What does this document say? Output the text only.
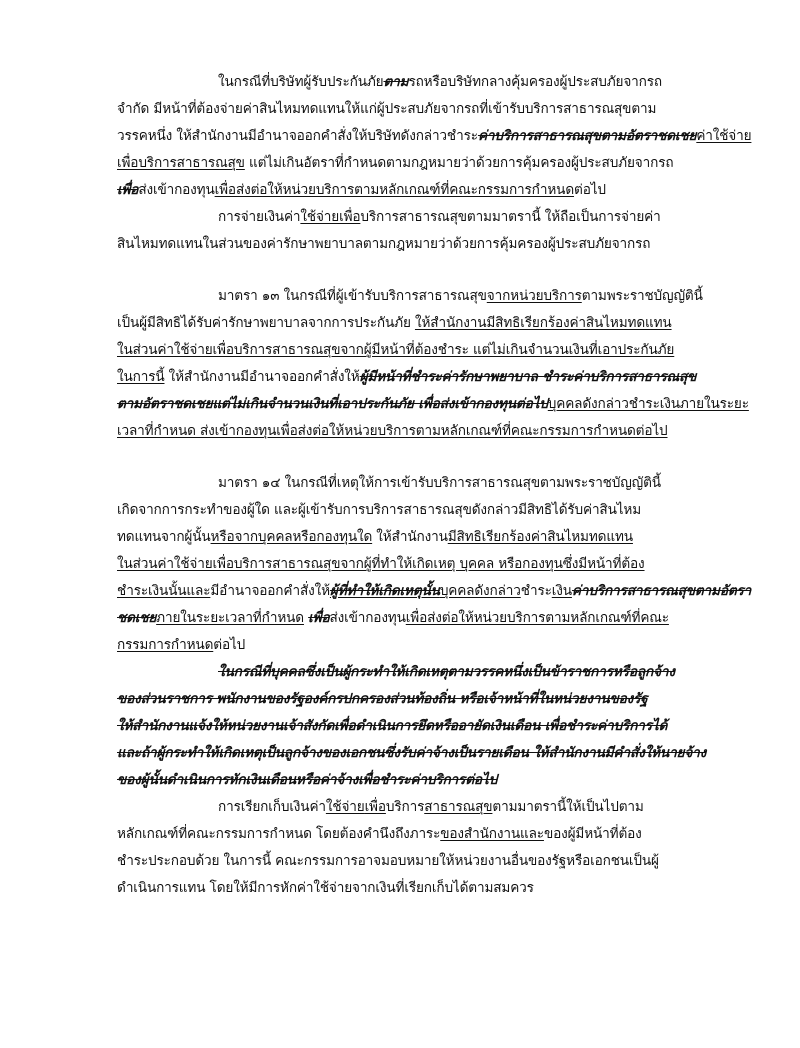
ในกรณีที่บริษัทผู้รับประกันภัยตามรถหรือบริษัทกลางคุ้มครองผู้ประสบภัยจากรถ
จำกัด มีหน้าที่ต้องจ่ายค่าสินไหมทดแทนให้แก่ผู้ประสบภัยจากรถที่เข้ารับบริการสาธารณสุขตาม
วรรคหนึ่ง ให้สำนักงานมีอำนาจออกคำสั่งให้บริษัทดังกล่าวชำระค่าบริการสาธารณสุขตามอัตราชดเชยค่าใช้จ่าย
เพื่อบริการสาธารณสุข แต่ไม่เกินอัตราที่กำหนดตามกฎหมายว่าด้วยการคุ้มครองผู้ประสบภัยจากรถ
เพื่อส่งเข้ากองทุนเพื่อส่งต่อให้หน่วยบริการตามหลักเกณฑ์ที่คณะกรรมการกำหนดต่อไป
การจ่ายเงินค่าใช้จ่ายเพื่อบริการสาธารณสุขตามมาตรานี้ ให้ถือเป็นการจ่ายค่า
สินไหมทดแทนในส่วนของค่ารักษาพยาบาลตามกฎหมายว่าด้วยการคุ้มครองผู้ประสบภัยจากรถ
มาตรา ๑๓ ในกรณีที่ผู้เข้ารับบริการสาธารณสุขจากหน่วยบริการตามพระราชบัญญัตินี้
เป็นผู้มีสิทธิได้รับค่ารักษาพยาบาลจากการประกันภัย ให้สำนักงานมีสิทธิเรียกร้องค่าสินไหมทดแทน
ในส่วนค่าใช้จ่ายเพื่อบริการสาธารณสุขจากผู้มีหน้าที่ต้องชำระ แต่ไม่เกินจำนวนเงินที่เอาประกันภัย
ในการนี้ ให้สำนักงานมีอำนาจออกคำสั่งให้ผู้มีหน้าที่ชำระค่ารักษาพยาบาล ชำระค่าบริการสาธารณสุข
ตามอัตราชดเชยแต่ไม่เกินจำนวนเงินที่เอาประกันภัย เพื่อส่งเข้ากองทุนต่อไปบุคคลดังกล่าวชำระเงินภายในระยะ
เวลาที่กำหนด ส่งเข้ากองทุนเพื่อส่งต่อให้หน่วยบริการตามหลักเกณฑ์ที่คณะกรรมการกำหนดต่อไป
มาตรา ๑๔ ในกรณีที่เหตุให้การเข้ารับบริการสาธารณสุขตามพระราชบัญญัตินี้
เกิดจากการกระทำของผู้ใด และผู้เข้ารับการบริการสาธารณสุขดังกล่าวมีสิทธิได้รับค่าสินไหม
ทดแทนจากผู้นั้นหรือจากบุคคลหรือกองทุนใด ให้สำนักงานมีสิทธิเรียกร้องค่าสินไหมทดแทน
ในส่วนค่าใช้จ่ายเพื่อบริการสาธารณสุขจากผู้ที่ทำให้เกิดเหตุ บุคคล หรือกองทุนซึ่งมีหน้าที่ต้อง
ชำระเงินนั้นและมีอำนาจออกคำสั่งให้ผู้ที่ทำให้เกิดเหตุนั้นบุคคลดังกล่าวชำระเงินค่าบริการสาธารณสุขตามอัตรา
ชดเชยภายในระยะเวลาที่กำหนด เพื่อส่งเข้ากองทุนเพื่อส่งต่อให้หน่วยบริการตามหลักเกณฑ์ที่คณะ
กรรมการกำหนดต่อไป
ในกรณีที่บุคคลซึ่งเป็นผู้กระทำให้เกิดเหตุตามวรรคหนึ่งเป็นข้าราชการหรือลูกจ้าง
ของส่วนราชการ พนักงานของรัฐองค์กรปกครองส่วนท้องถิ่น หรือเจ้าหน้าที่ในหน่วยงานของรัฐ
ให้สำนักงานแจ้งให้หน่วยงานเจ้าสังกัดเพื่อดำเนินการยึดหรืออายัดเงินเดือน เพื่อชำระค่าบริการได้
และถ้าผู้กระทำให้เกิดเหตุเป็นลูกจ้างของเอกชนซึ่งรับค่าจ้างเป็นรายเดือน ให้สำนักงานมีคำสั่งให้นายจ้าง
ของผู้นั้นดำเนินการหักเงินเดือนหรือค่าจ้างเพื่อชำระค่าบริการต่อไป
การเรียกเก็บเงินค่าใช้จ่ายเพื่อบริการสาธารณสุขตามมาตรานี้ให้เป็นไปตาม
หลักเกณฑ์ที่คณะกรรมการกำหนด โดยต้องคำนึงถึงภาระของสำนักงานและของผู้มีหน้าที่ต้อง
ชำระประกอบด้วย ในการนี้ คณะกรรมการอาจมอบหมายให้หน่วยงานอื่นของรัฐหรือเอกชนเป็นผู้
ดำเนินการแทน โดยให้มีการหักค่าใช้จ่ายจากเงินที่เรียกเก็บได้ตามสมควร
